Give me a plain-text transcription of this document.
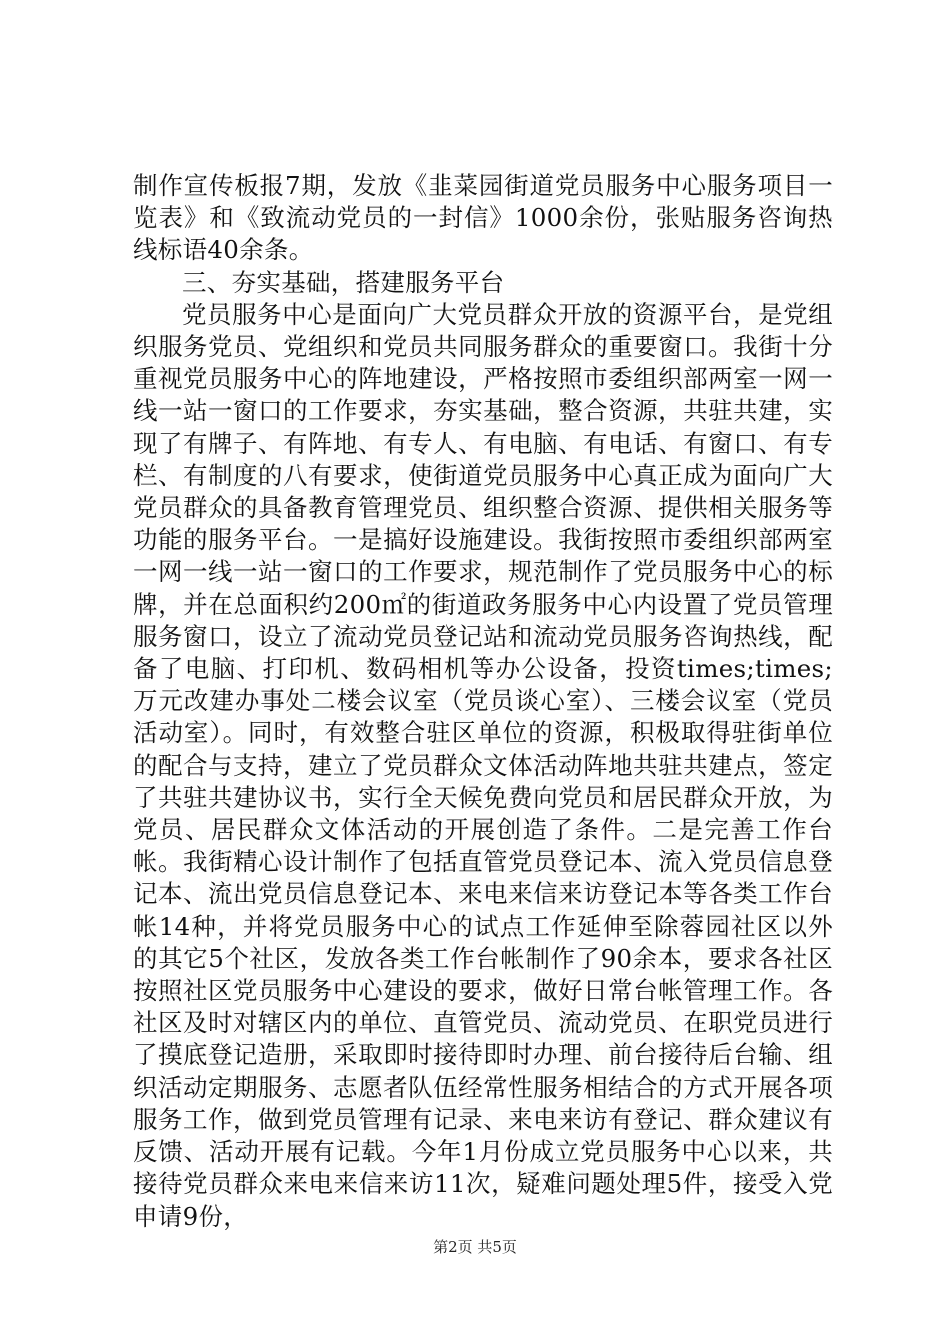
制作宣传板报7期，发放《韭菜园街道党员服务中心服务项目一览表》和《致流动党员的一封信》1000余份，张贴服务咨询热线标语40余条。

三、夯实基础，搭建服务平台

党员服务中心是面向广大党员群众开放的资源平台，是党组织服务党员、党组织和党员共同服务群众的重要窗口。我街十分重视党员服务中心的阵地建设，严格按照市委组织部两室一网一线一站一窗口的工作要求，夯实基础，整合资源，共驻共建，实现了有牌子、有阵地、有专人、有电脑、有电话、有窗口、有专栏、有制度的八有要求，使街道党员服务中心真正成为面向广大党员群众的具备教育管理党员、组织整合资源、提供相关服务等功能的服务平台。一是搞好设施建设。我街按照市委组织部两室一网一线一站一窗口的工作要求，规范制作了党员服务中心的标牌，并在总面积约200㎡的街道政务服务中心内设置了党员管理服务窗口，设立了流动党员登记站和流动党员服务咨询热线，配备了电脑、打印机、数码相机等办公设备，投资times;times;万元改建办事处二楼会议室（党员谈心室）、三楼会议室（党员活动室）。同时，有效整合驻区单位的资源，积极取得驻街单位的配合与支持，建立了党员群众文体活动阵地共驻共建点，签定了共驻共建协议书，实行全天候免费向党员和居民群众开放，为党员、居民群众文体活动的开展创造了条件。二是完善工作台帐。我街精心设计制作了包括直管党员登记本、流入党员信息登记本、流出党员信息登记本、来电来信来访登记本等各类工作台帐14种，并将党员服务中心的试点工作延伸至除蓉园社区以外的其它5个社区，发放各类工作台帐制作了90余本，要求各社区按照社区党员服务中心建设的要求，做好日常台帐管理工作。各社区及时对辖区内的单位、直管党员、流动党员、在职党员进行了摸底登记造册，采取即时接待即时办理、前台接待后台输、组织活动定期服务、志愿者队伍经常性服务相结合的方式开展各项服务工作，做到党员管理有记录、来电来访有登记、群众建议有反馈、活动开展有记载。今年1月份成立党员服务中心以来，共接待党员群众来电来信来访11次，疑难问题处理5件，接受入党申请9份，

第2页 共5页
